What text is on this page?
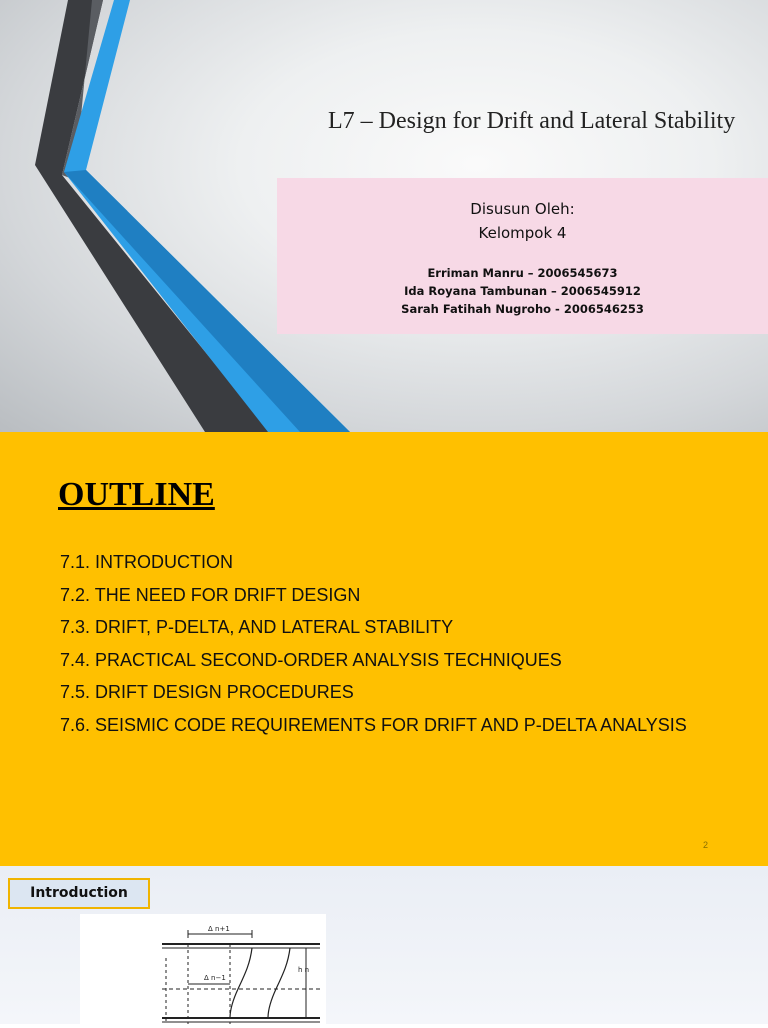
L7 – Design for Drift and Lateral Stability
Disusun Oleh:
Kelompok 4
Erriman Manru – 2006545673
Ida Royana Tambunan – 2006545912
Sarah Fatihah Nugroho - 2006546253
OUTLINE
7.1. INTRODUCTION
7.2. THE NEED FOR DRIFT DESIGN
7.3. DRIFT, P-DELTA, AND LATERAL STABILITY
7.4. PRACTICAL SECOND-ORDER ANALYSIS TECHNIQUES
7.5. DRIFT DESIGN PROCEDURES
7.6. SEISMIC CODE REQUIREMENTS FOR DRIFT AND P-DELTA ANALYSIS
2
Introduction
Δ n+1
h n
Δ n−1
